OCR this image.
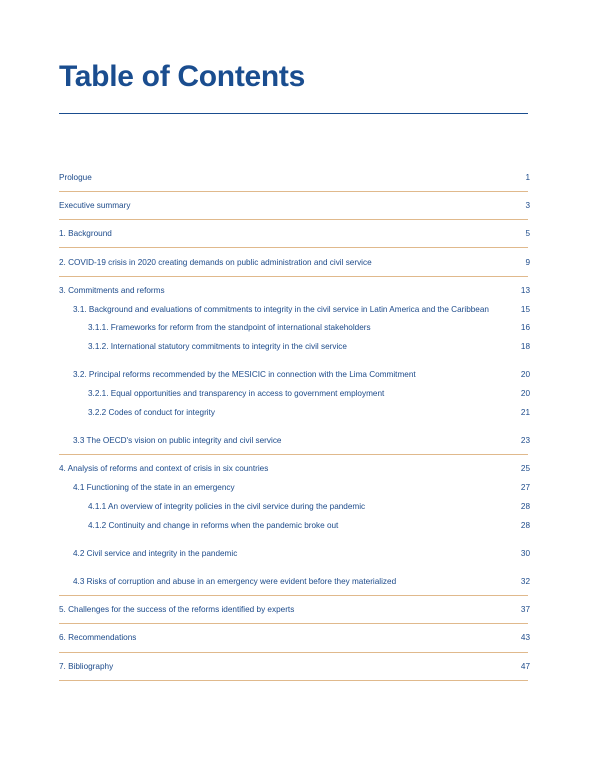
Table of Contents
Prologue	1
Executive summary	3
1. Background	5
2. COVID-19 crisis in 2020 creating demands on public administration and civil service	9
3. Commitments and reforms	13
3.1. Background and evaluations of commitments to integrity in the civil service in Latin America and the Caribbean	15
3.1.1. Frameworks for reform from the standpoint of international stakeholders	16
3.1.2. International statutory commitments to integrity in the civil service	18
3.2. Principal reforms recommended by the MESICIC in connection with the Lima Commitment	20
3.2.1. Equal opportunities and transparency in access to government employment	20
3.2.2 Codes of conduct for integrity	21
3.3 The OECD's vision on public integrity and civil service	23
4. Analysis of reforms and context of crisis in six countries	25
4.1 Functioning of the state in an emergency	27
4.1.1 An overview of integrity policies in the civil service during the pandemic	28
4.1.2 Continuity and change in reforms when the pandemic broke out	28
4.2 Civil service and integrity in the pandemic	30
4.3 Risks of corruption and abuse in an emergency were evident before they materialized	32
5. Challenges for the success of the reforms identified by experts	37
6. Recommendations	43
7. Bibliography	47
